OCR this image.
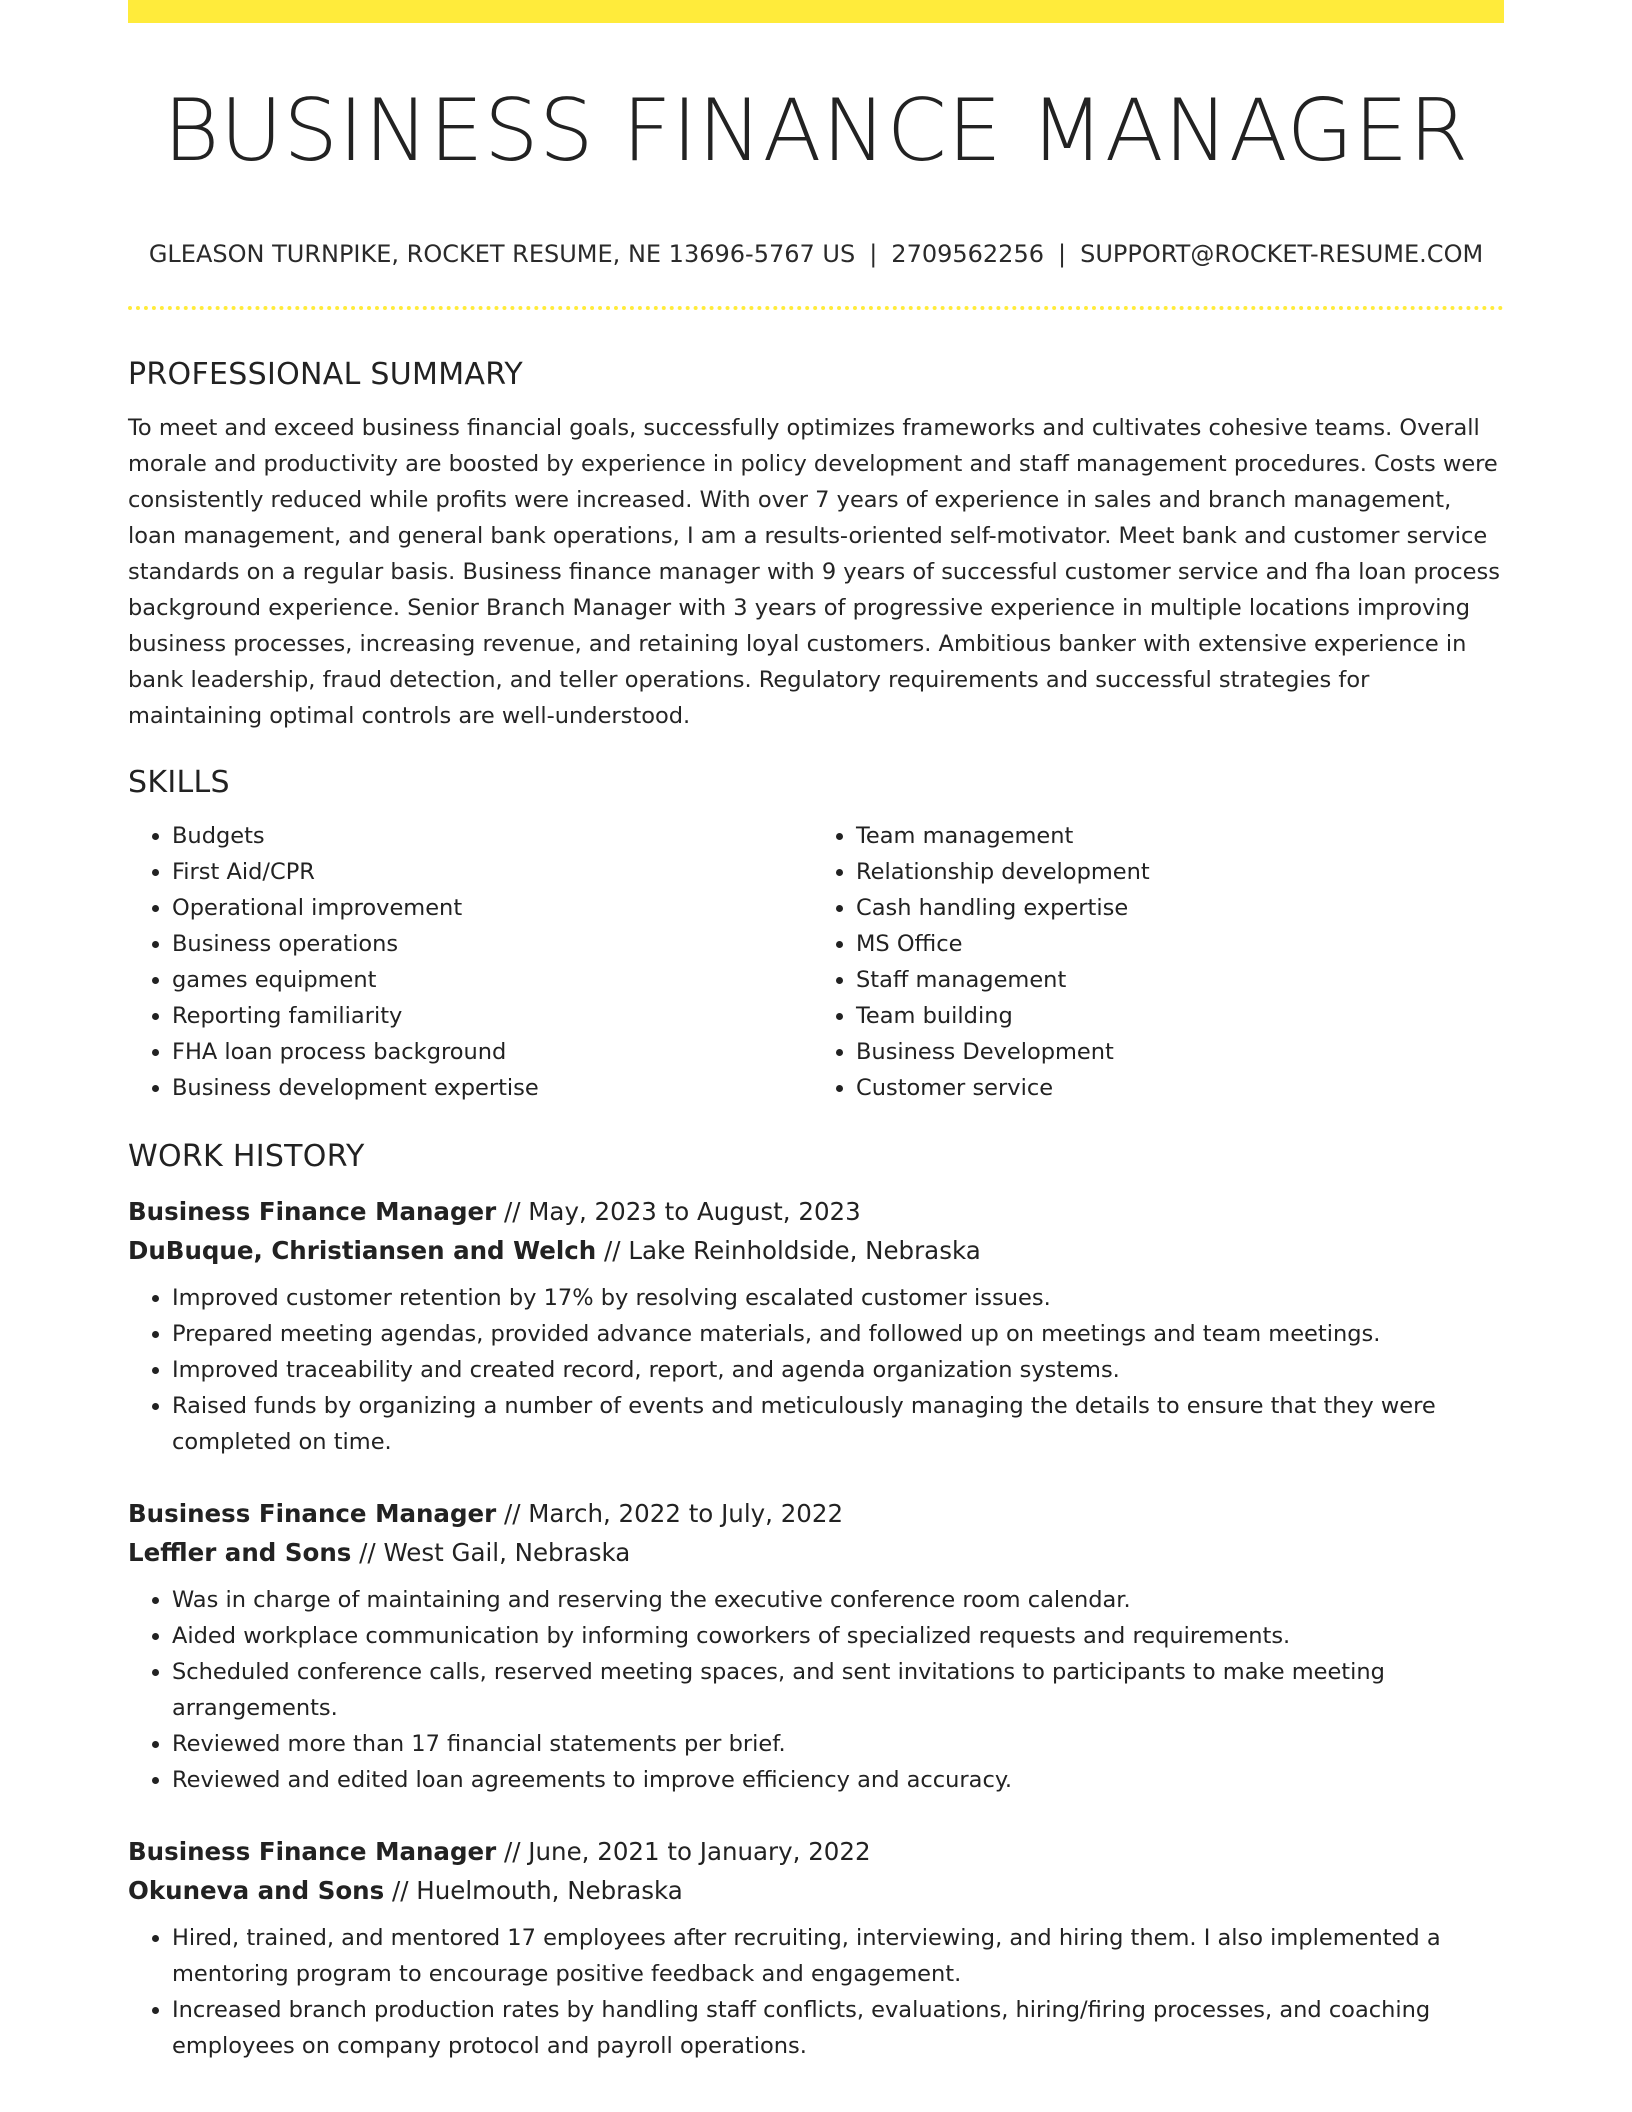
BUSINESS FINANCE MANAGER
GLEASON TURNPIKE, ROCKET RESUME, NE 13696-5767 US | 2709562256 | SUPPORT@ROCKET-RESUME.COM
PROFESSIONAL SUMMARY

To meet and exceed business financial goals, successfully optimizes frameworks and cultivates cohesive teams. Overall morale and productivity are boosted by experience in policy development and staff management procedures. Costs were consistently reduced while profits were increased. With over 7 years of experience in sales and branch management, loan management, and general bank operations, I am a results-oriented self-motivator. Meet bank and customer service standards on a regular basis. Business finance manager with 9 years of successful customer service and fha loan process background experience. Senior Branch Manager with 3 years of progressive experience in multiple locations improving business processes, increasing revenue, and retaining loyal customers. Ambitious banker with extensive experience in bank leadership, fraud detection, and teller operations. Regulatory requirements and successful strategies for maintaining optimal controls are well-understood.

SKILLS
• Budgets
• First Aid/CPR
• Operational improvement
• Business operations
• games equipment
• Reporting familiarity
• FHA loan process background
• Business development expertise
• Team management
• Relationship development
• Cash handling expertise
• MS Office
• Staff management
• Team building
• Business Development
• Customer service
WORK HISTORY
Business Finance Manager // May, 2023 to August, 2023
DuBuque, Christiansen and Welch // Lake Reinholdside, Nebraska
• Improved customer retention by 17% by resolving escalated customer issues.
• Prepared meeting agendas, provided advance materials, and followed up on meetings and team meetings.
• Improved traceability and created record, report, and agenda organization systems.
• Raised funds by organizing a number of events and meticulously managing the details to ensure that they were completed on time.
Business Finance Manager // March, 2022 to July, 2022
Leffler and Sons // West Gail, Nebraska
• Was in charge of maintaining and reserving the executive conference room calendar.
• Aided workplace communication by informing coworkers of specialized requests and requirements.
• Scheduled conference calls, reserved meeting spaces, and sent invitations to participants to make meeting arrangements.
• Reviewed more than 17 financial statements per brief.
• Reviewed and edited loan agreements to improve efficiency and accuracy.
Business Finance Manager // June, 2021 to January, 2022
Okuneva and Sons // Huelmouth, Nebraska
• Hired, trained, and mentored 17 employees after recruiting, interviewing, and hiring them. I also implemented a mentoring program to encourage positive feedback and engagement.
• Increased branch production rates by handling staff conflicts, evaluations, hiring/firing processes, and coaching employees on company protocol and payroll operations.
